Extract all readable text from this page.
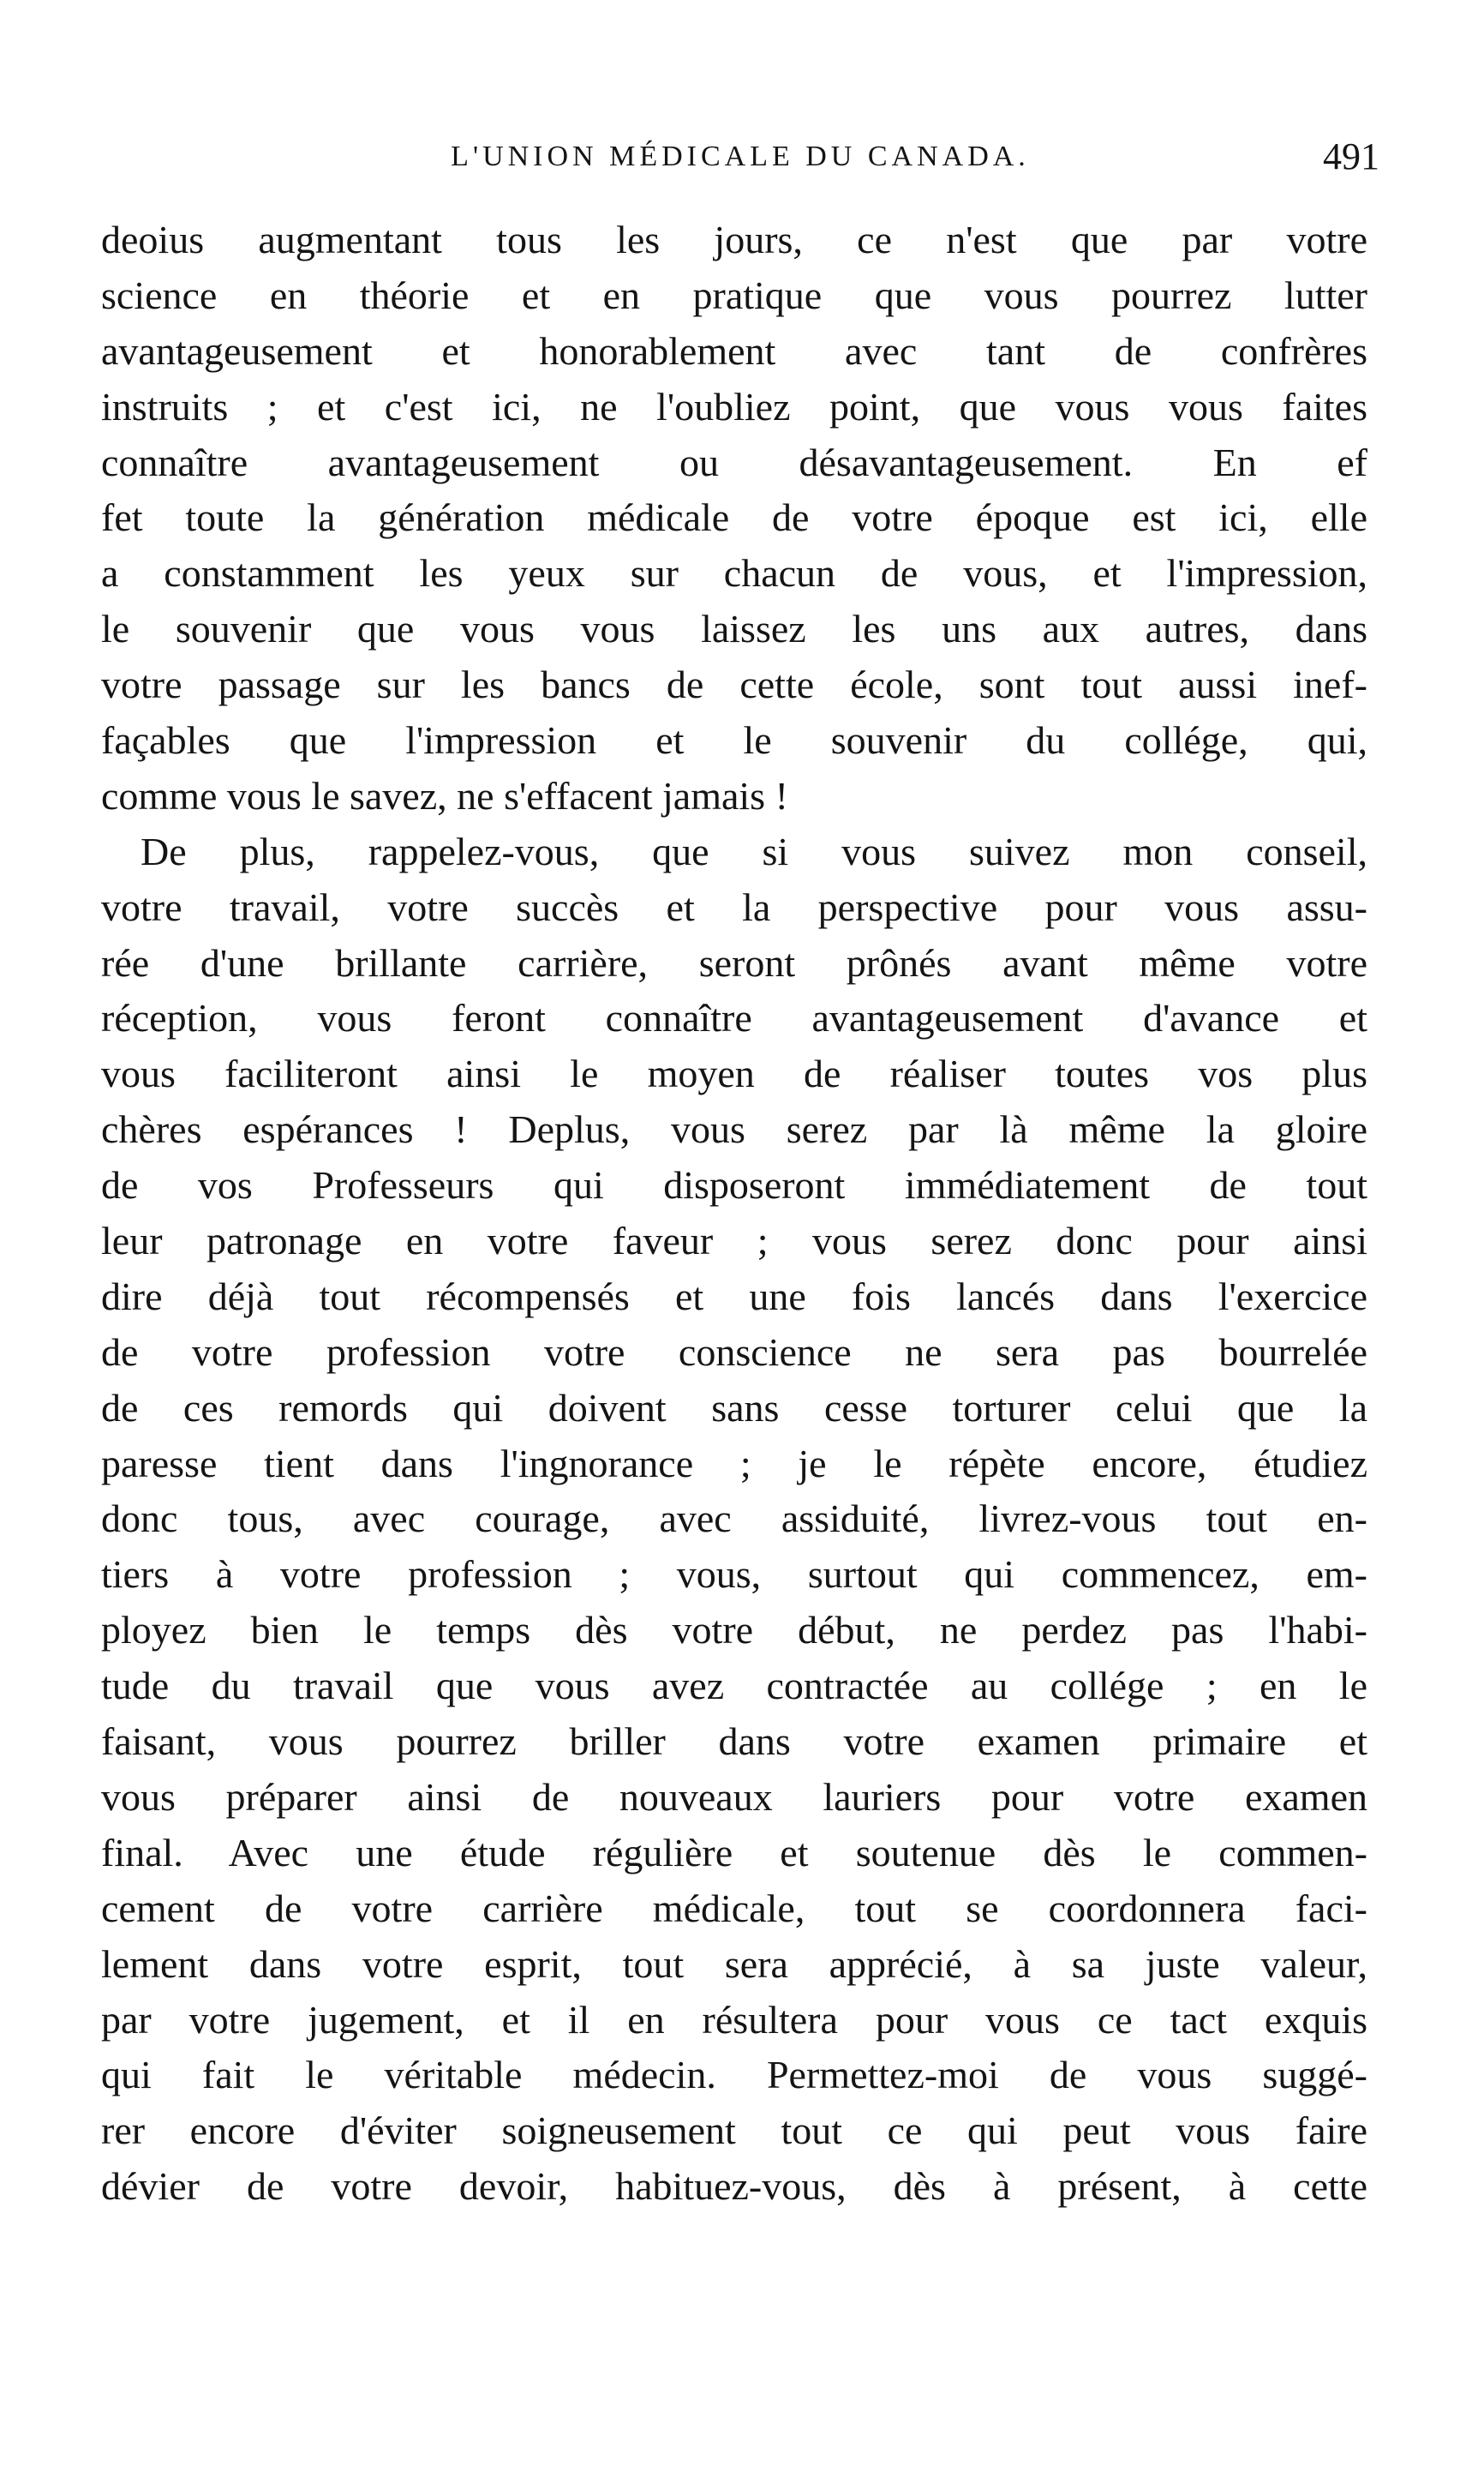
L'UNION MÉDICALE DU CANADA.	491
deoius augmentant tous les jours, ce n'est que par votre
science en théorie et en pratique que vous pourrez lutter
avantageusement et honorablement avec tant de confrères
instruits ; et c'est ici, ne l'oubliez point, que vous vous faites
connaître avantageusement ou désavantageusement. En ef
fet toute la génération médicale de votre époque est ici, elle
a constamment les yeux sur chacun de vous, et l'impression,
le souvenir que vous vous laissez les uns aux autres, dans
votre passage sur les bancs de cette école, sont tout aussi inef-
façables que l'impression et le souvenir du collége, qui,
comme vous le savez, ne s'effacent jamais !
De plus, rappelez-vous, que si vous suivez mon conseil,
votre travail, votre succès et la perspective pour vous assu-
rée d'une brillante carrière, seront prônés avant même votre
réception, vous feront connaître avantageusement d'avance et
vous faciliteront ainsi le moyen de réaliser toutes vos plus
chères espérances ! Deplus, vous serez par là même la gloire
de vos Professeurs qui disposeront immédiatement de tout
leur patronage en votre faveur ; vous serez donc pour ainsi
dire déjà tout récompensés et une fois lancés dans l'exercice
de votre profession votre conscience ne sera pas bourrelée
de ces remords qui doivent sans cesse torturer celui que la
paresse tient dans l'ingnorance ; je le répète encore, étudiez
donc tous, avec courage, avec assiduité, livrez-vous tout en-
tiers à votre profession ; vous, surtout qui commencez, em-
ployez bien le temps dès votre début, ne perdez pas l'habi-
tude du travail que vous avez contractée au collége ; en le
faisant, vous pourrez briller dans votre examen primaire et
vous préparer ainsi de nouveaux lauriers pour votre examen
final. Avec une étude régulière et soutenue dès le commen-
cement de votre carrière médicale, tout se coordonnera faci-
lement dans votre esprit, tout sera apprécié, à sa juste valeur,
par votre jugement, et il en résultera pour vous ce tact exquis
qui fait le véritable médecin. Permettez-moi de vous suggé-
rer encore d'éviter soigneusement tout ce qui peut vous faire
dévier de votre devoir, habituez-vous, dès à présent, à cette
